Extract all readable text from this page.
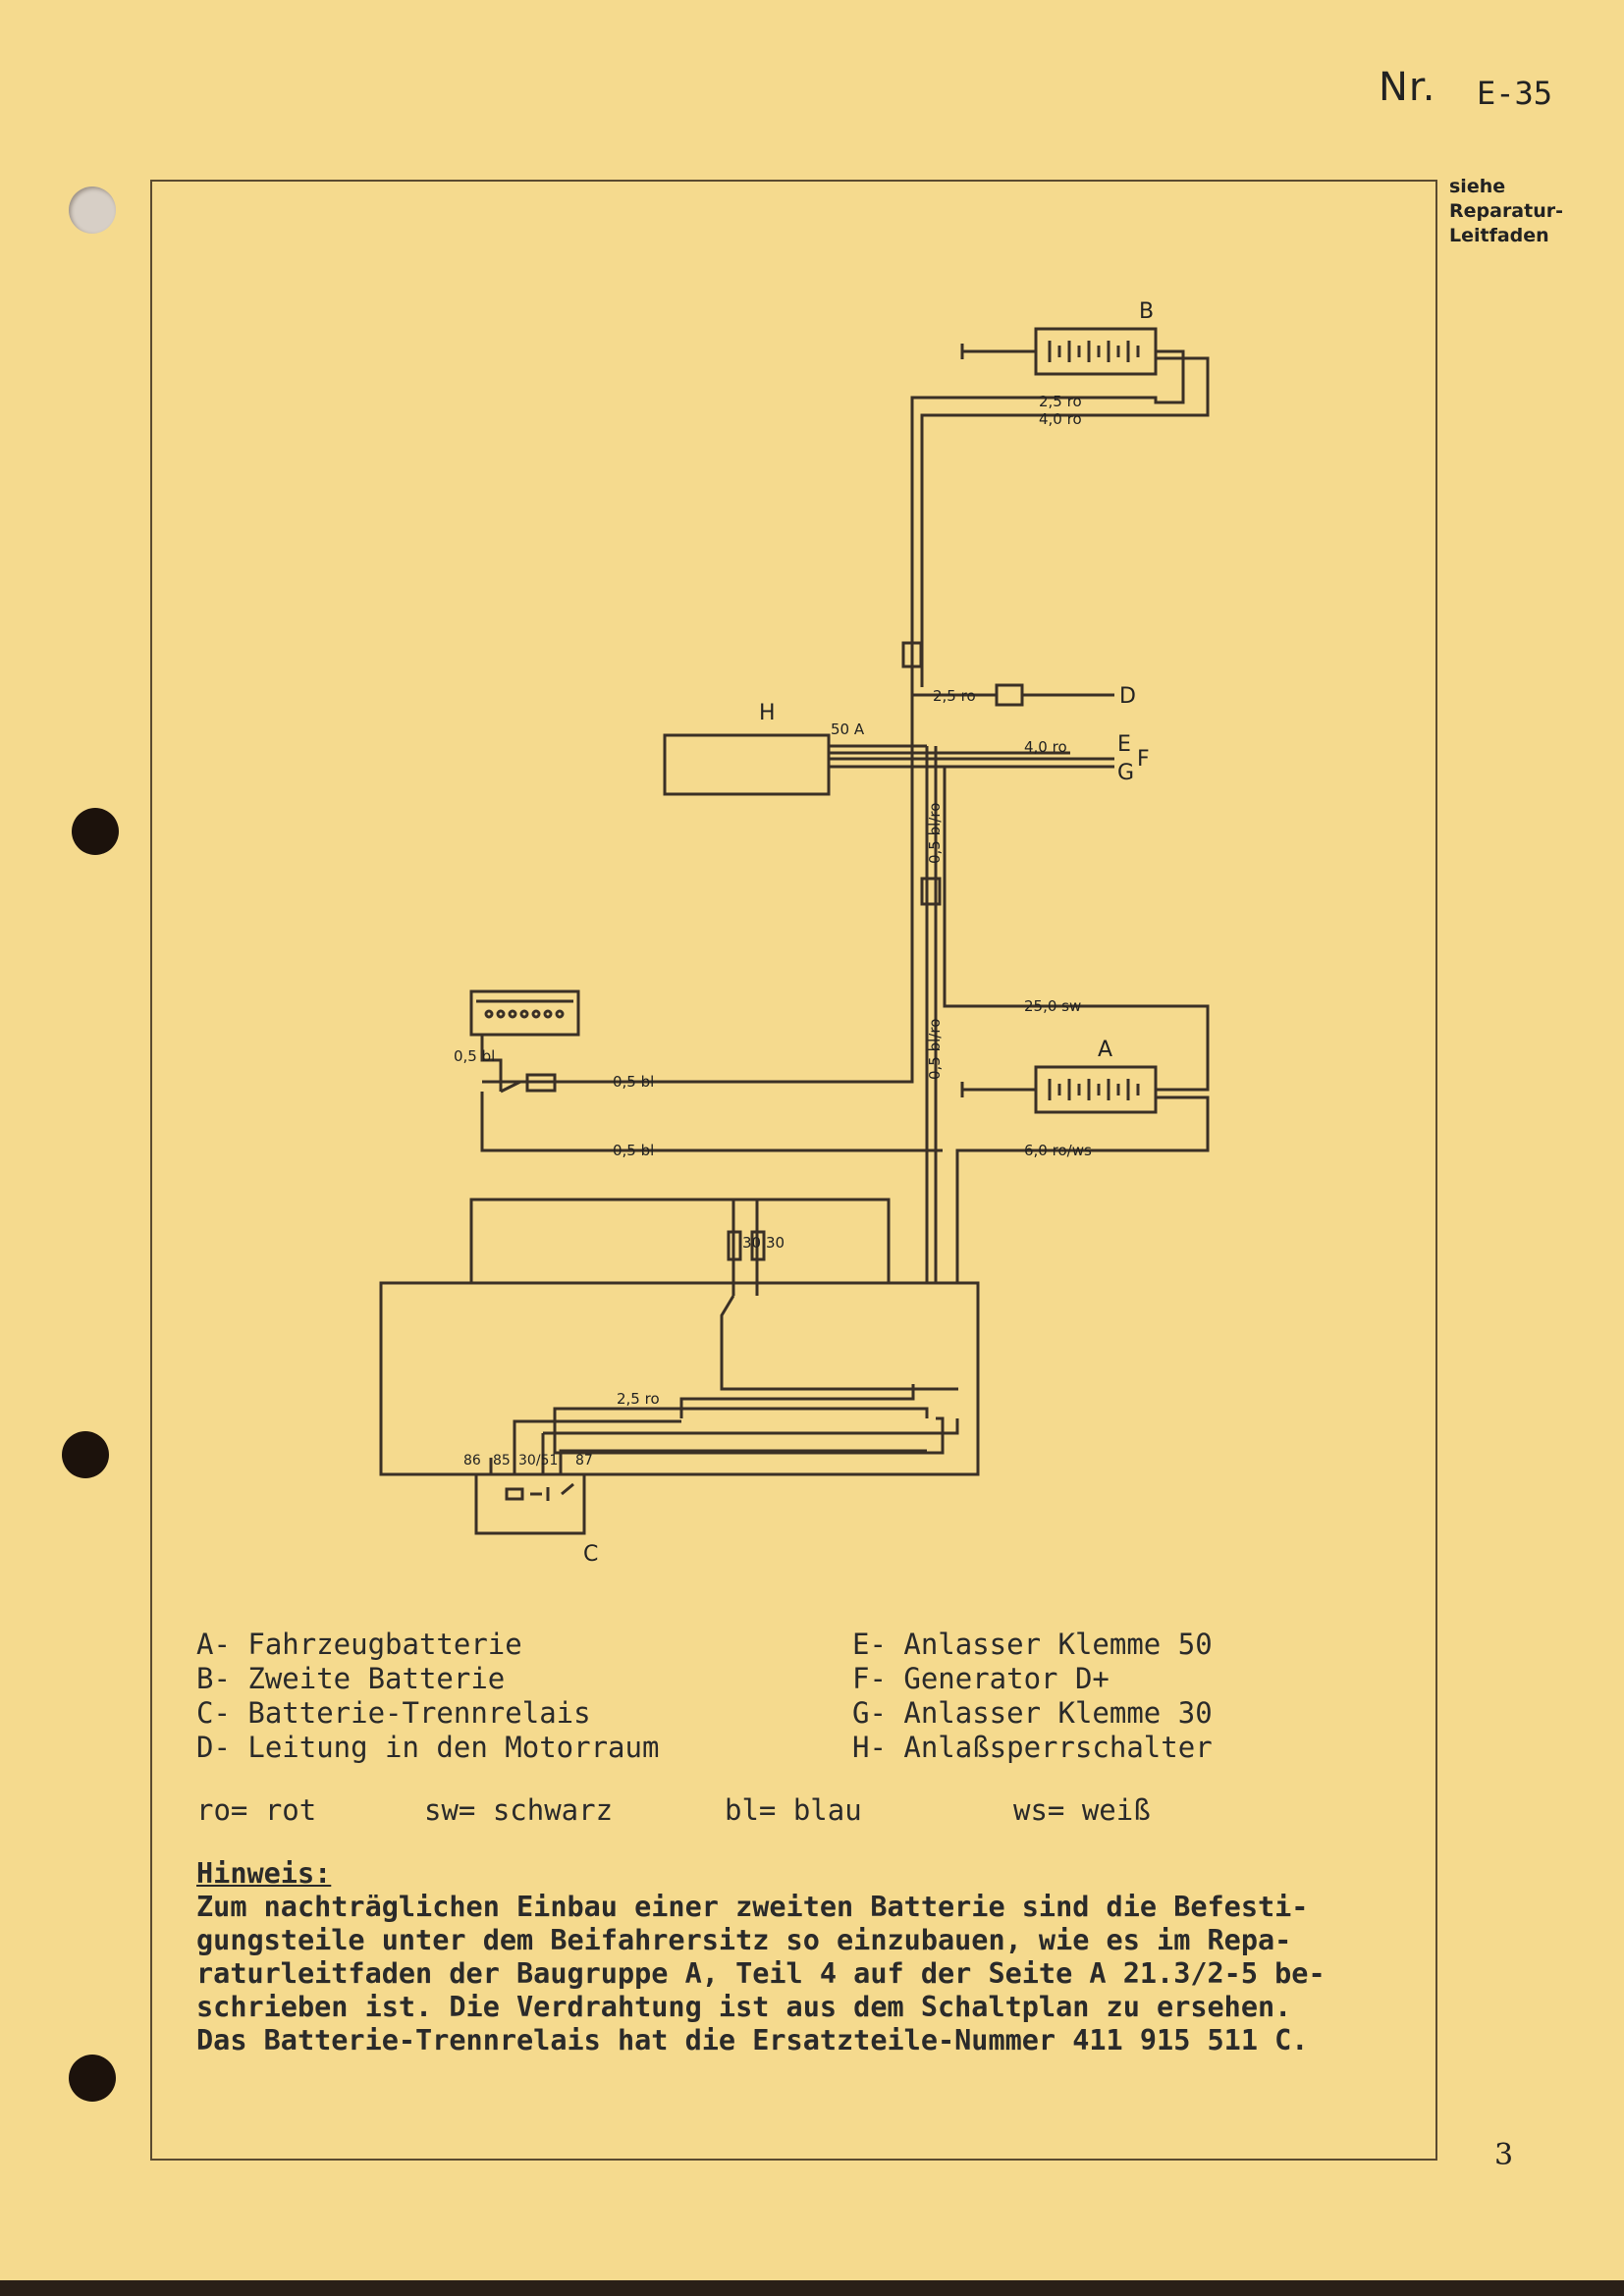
Nr. E-35
siehe
Reparatur-
Leitfaden
B
2,5 ro
4,0 ro
2,5 ro	D
H
50 A
4,0 ro E
F
G
0,5 bl/ro
0,5 bl/ro
25,0 sw
A
6,0 ro/ws
0,5 bl
0,5 bl
0,5 bl
30 30
2,5 ro
86 85 30/51 87
C
A- Fahrzeugbatterie
B- Zweite Batterie
C- Batterie-Trennrelais
D- Leitung in den Motorraum
E- Anlasser Klemme 50
F- Generator D+
G- Anlasser Klemme 30
H- Anlaßsperrschalter
ro= rot	sw= schwarz	bl= blau	ws= weiß
Hinweis:
Zum nachträglichen Einbau einer zweiten Batterie sind die Befesti-
gungsteile unter dem Beifahrersitz so einzubauen, wie es im Repa-
raturleitfaden der Baugruppe A, Teil 4 auf der Seite A 21.3/2-5 be-
schrieben ist. Die Verdrahtung ist aus dem Schaltplan zu ersehen.
Das Batterie-Trennrelais hat die Ersatzteile-Nummer 411 915 511 C.
3
